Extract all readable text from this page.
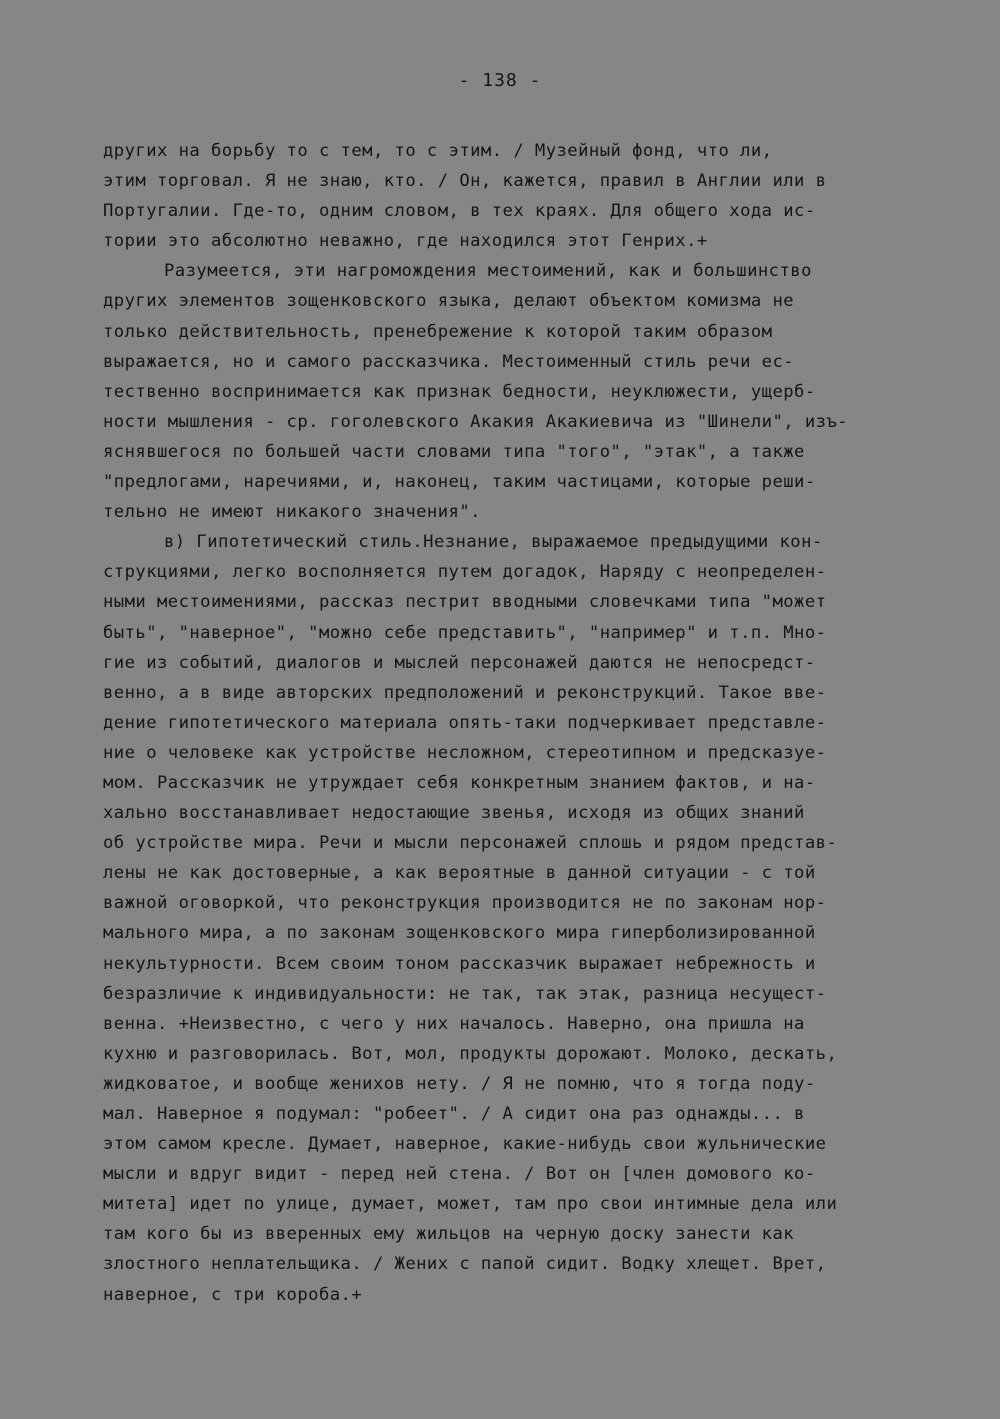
- 138 -
других на борьбу то с тем, то с этим. / Музейный фонд, что ли,
этим торговал. Я не знаю, кто. / Он, кажется, правил в Англии или в
Португалии. Где-то, одним словом, в тех краях. Для общего хода ис-
тории это абсолютно неважно, где находился этот Генрих.+
Разумеется, эти нагромождения местоимений, как и большинство
других элементов зощенковского языка, делают объектом комизма не
только действительность, пренебрежение к которой таким образом
выражается, но и самого рассказчика. Местоименный стиль речи ес-
тественно воспринимается как признак бедности, неуклюжести, ущерб-
ности мышления - ср. гоголевского Акакия Акакиевича из "Шинели", изъ-
яснявшегося по большей части словами типа "того", "этак", а также
"предлогами, наречиями, и, наконец, таким частицами, которые реши-
тельно не имеют никакого значения".
в) Гипотетический стиль.Незнание, выражаемое предыдущими кон-
струкциями, легко восполняется путем догадок, Наряду с неопределен-
ными местоимениями, рассказ пестрит вводными словечками типа "может
быть", "наверное", "можно себе представить", "например" и т.п. Мно-
гие из событий, диалогов и мыслей персонажей даются не непосредст-
венно, а в виде авторских предположений и реконструкций. Такое вве-
дение гипотетического материала опять-таки подчеркивает представле-
ние о человеке как устройстве несложном, стереотипном и предсказуе-
мом. Рассказчик не утруждает себя конкретным знанием фактов, и на-
хально восстанавливает недостающие звенья, исходя из общих знаний
об устройстве мира. Речи и мысли персонажей сплошь и рядом представ-
лены не как достоверные, а как вероятные в данной ситуации - с той
важной оговоркой, что реконструкция производится не по законам нор-
мального мира, а по законам зощенковского мира гиперболизированной
некультурности. Всем своим тоном рассказчик выражает небрежность и
безразличие к индивидуальности: не так, так этак, разница несущест-
венна. +Неизвестно, с чего у них началось. Наверно, она пришла на
кухню и разговорилась. Вот, мол, продукты дорожают. Молоко, дескать,
жидковатое, и вообще женихов нету. / Я не помню, что я тогда поду-
мал. Наверное я подумал: "робеет". / А сидит она раз однажды... в
этом самом кресле. Думает, наверное, какие-нибудь свои жульнические
мысли и вдруг видит - перед ней стена. / Вот он [член домового ко-
митета] идет по улице, думает, может, там про свои интимные дела или
там кого бы из вверенных ему жильцов на черную доску занести как
злостного неплательщика. / Жених с папой сидит. Водку хлещет. Врет,
наверное, с три короба.+
